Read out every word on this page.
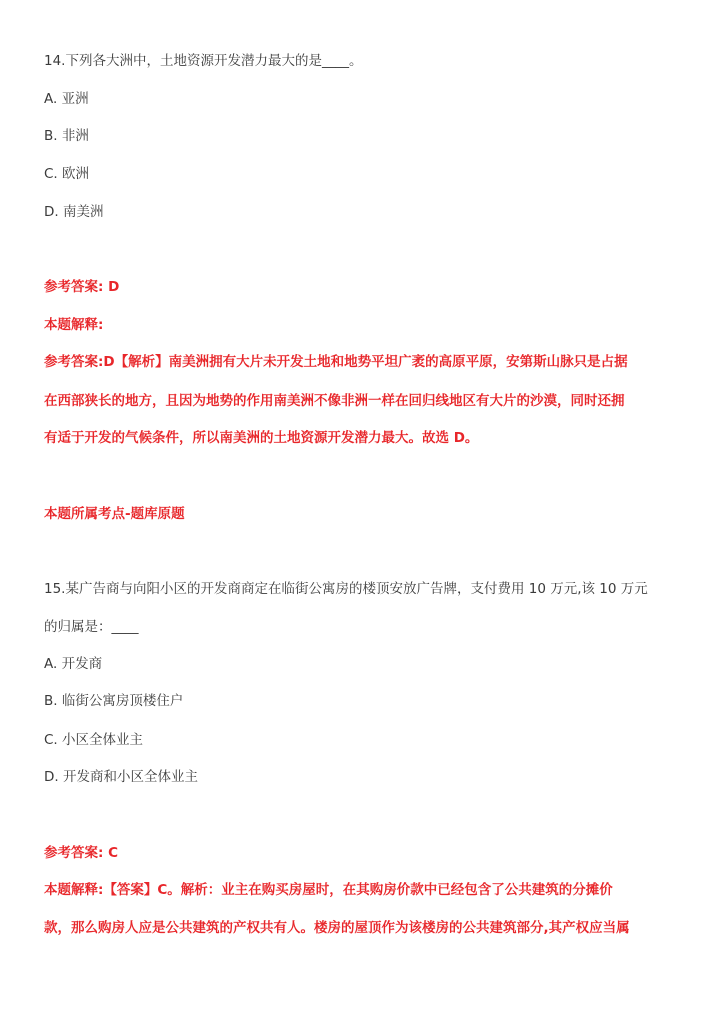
14.下列各大洲中，土地资源开发潜力最大的是____。
A. 亚洲
B. 非洲
C. 欧洲
D. 南美洲
参考答案: D
本题解释:
参考答案:D【解析】南美洲拥有大片未开发土地和地势平坦广袤的高原平原，安第斯山脉只是占据
在西部狭长的地方，且因为地势的作用南美洲不像非洲一样在回归线地区有大片的沙漠，同时还拥
有适于开发的气候条件，所以南美洲的土地资源开发潜力最大。故选 D。
本题所属考点-题库原题
15.某广告商与向阳小区的开发商商定在临街公寓房的楼顶安放广告牌，支付费用 10 万元,该 10 万元
的归属是：____
A. 开发商
B. 临街公寓房顶楼住户
C. 小区全体业主
D. 开发商和小区全体业主
参考答案: C
本题解释:【答案】C。解析：业主在购买房屋时，在其购房价款中已经包含了公共建筑的分摊价
款，那么购房人应是公共建筑的产权共有人。楼房的屋顶作为该楼房的公共建筑部分,其产权应当属
